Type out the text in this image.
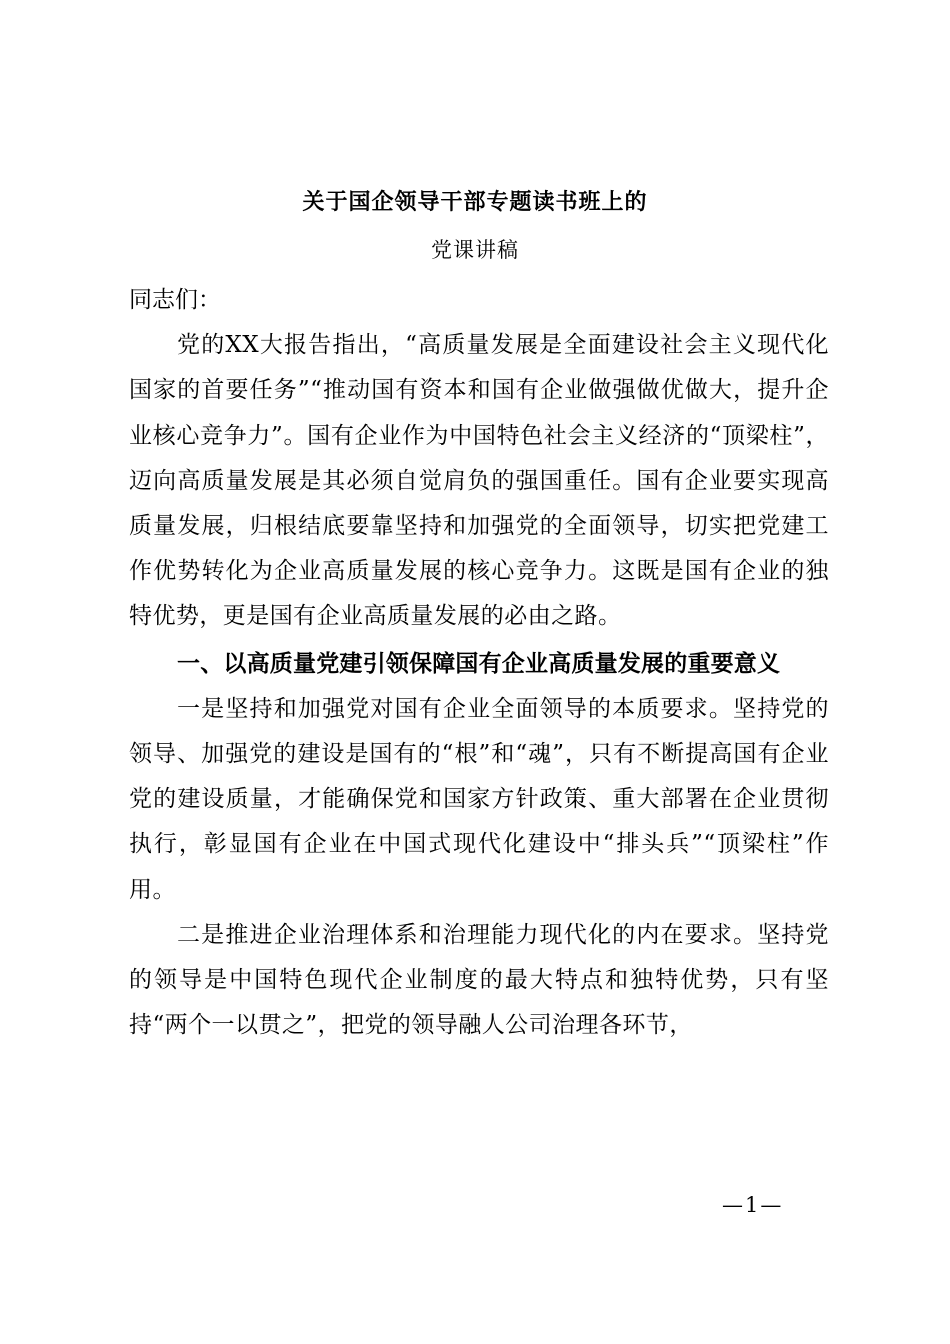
关于国企领导干部专题读书班上的
党课讲稿

同志们：

党的XX大报告指出，“高质量发展是全面建设社会主义现代化国家的首要任务”“推动国有资本和国有企业做强做优做大，提升企业核心竞争力”。国有企业作为中国特色社会主义经济的“顶梁柱”，迈向高质量发展是其必须自觉肩负的强国重任。国有企业要实现高质量发展，归根结底要靠坚持和加强党的全面领导，切实把党建工作优势转化为企业高质量发展的核心竞争力。这既是国有企业的独特优势，更是国有企业高质量发展的必由之路。

一、以高质量党建引领保障国有企业高质量发展的重要意义

一是坚持和加强党对国有企业全面领导的本质要求。坚持党的领导、加强党的建设是国有的“根”和“魂”，只有不断提高国有企业党的建设质量，才能确保党和国家方针政策、重大部署在企业贯彻执行，彰显国有企业在中国式现代化建设中“排头兵”“顶梁柱”作用。

二是推进企业治理体系和治理能力现代化的内在要求。坚持党的领导是中国特色现代企业制度的最大特点和独特优势，只有坚持“两个一以贯之”，把党的领导融人公司治理各环节，

—1—
